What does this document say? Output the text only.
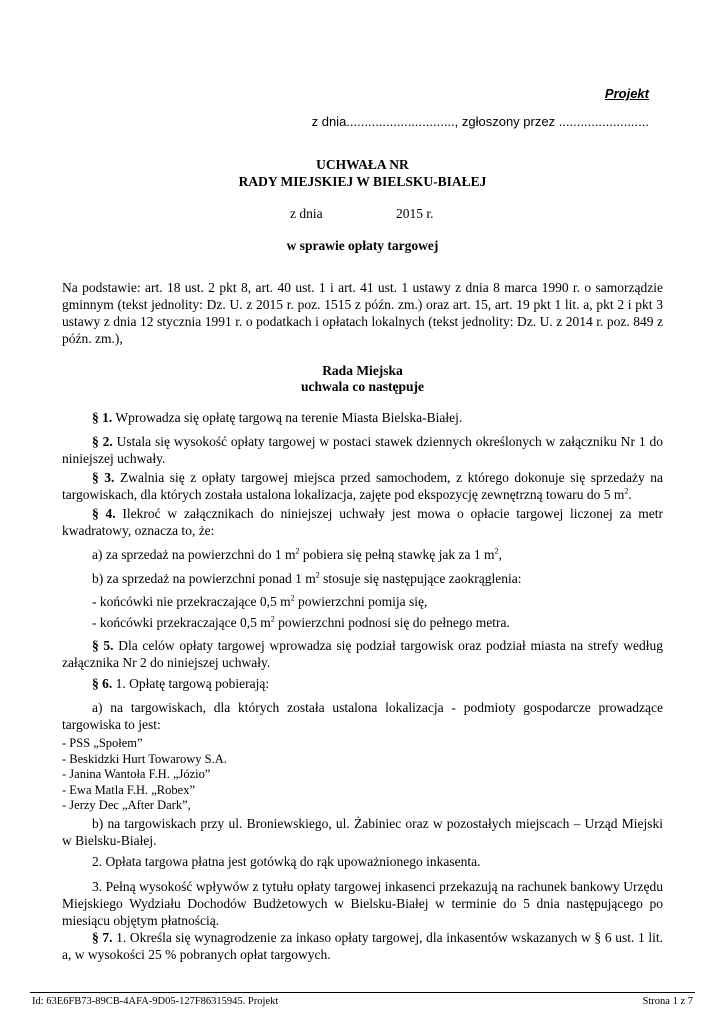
Projekt
z dnia.............................., zgłoszony przez .........................
UCHWAŁA NR
RADY MIEJSKIEJ W BIELSKU-BIAŁEJ
z dnia	2015 r.
w sprawie opłaty targowej
Na podstawie: art. 18 ust. 2 pkt 8, art. 40 ust. 1 i art. 41 ust. 1 ustawy z dnia 8 marca 1990 r. o samorządzie gminnym (tekst jednolity: Dz. U. z 2015 r. poz. 1515 z późn. zm.) oraz art. 15, art. 19 pkt 1 lit. a, pkt 2 i pkt 3 ustawy z dnia 12 stycznia 1991 r. o podatkach i opłatach lokalnych (tekst jednolity: Dz. U. z 2014 r. poz. 849 z późn. zm.),
Rada Miejska
uchwala co następuje
§ 1. Wprowadza się opłatę targową na terenie Miasta Bielska-Białej.
§ 2. Ustala się wysokość opłaty targowej w postaci stawek dziennych określonych w załączniku Nr 1 do niniejszej uchwały.
§ 3. Zwalnia się z opłaty targowej miejsca przed samochodem, z którego dokonuje się sprzedaży na targowiskach, dla których została ustalona lokalizacja, zajęte pod ekspozycję zewnętrzną towaru do 5 $m^2$.
§ 4. Ilekroć w załącznikach do niniejszej uchwały jest mowa o opłacie targowej liczonej za metr kwadratowy, oznacza to, że:
a) za sprzedaż na powierzchni do 1 $m^2$ pobiera się pełną stawkę jak za 1 $m^2$,
b) za sprzedaż na powierzchni ponad 1 $m^2$ stosuje się następujące zaokrąglenia:
- końcówki nie przekraczające 0,5 $m^2$ powierzchni pomija się,
- końcówki przekraczające 0,5 $m^2$ powierzchni podnosi się do pełnego metra.
§ 5. Dla celów opłaty targowej wprowadza się podział targowisk oraz podział miasta na strefy według załącznika Nr 2 do niniejszej uchwały.
§ 6. 1. Opłatę targową pobierają:
a) na targowiskach, dla których została ustalona lokalizacja - podmioty gospodarcze prowadzące targowiska to jest:
- PSS „Społem”
- Beskidzki Hurt Towarowy S.A.
- Janina Wantoła F.H. „Józio”
- Ewa Matla F.H. „Robex”
- Jerzy Dec „After Dark”,
b) na targowiskach przy ul. Broniewskiego, ul. Żabiniec oraz w pozostałych miejscach – Urząd Miejski w Bielsku-Białej.
2. Opłata targowa płatna jest gotówką do rąk upoważnionego inkasenta.
3. Pełną wysokość wpływów z tytułu opłaty targowej inkasenci przekazują na rachunek bankowy Urzędu Miejskiego Wydziału Dochodów Budżetowych w Bielsku-Białej w terminie do 5 dnia następującego po miesiącu objętym płatnością.
§ 7. 1. Określa się wynagrodzenie za inkaso opłaty targowej, dla inkasentów wskazanych w § 6 ust. 1 lit. a, w wysokości 25 % pobranych opłat targowych.
Id: 63E6FB73-89CB-4AFA-9D05-127F86315945. Projekt	Strona 1 z 7
